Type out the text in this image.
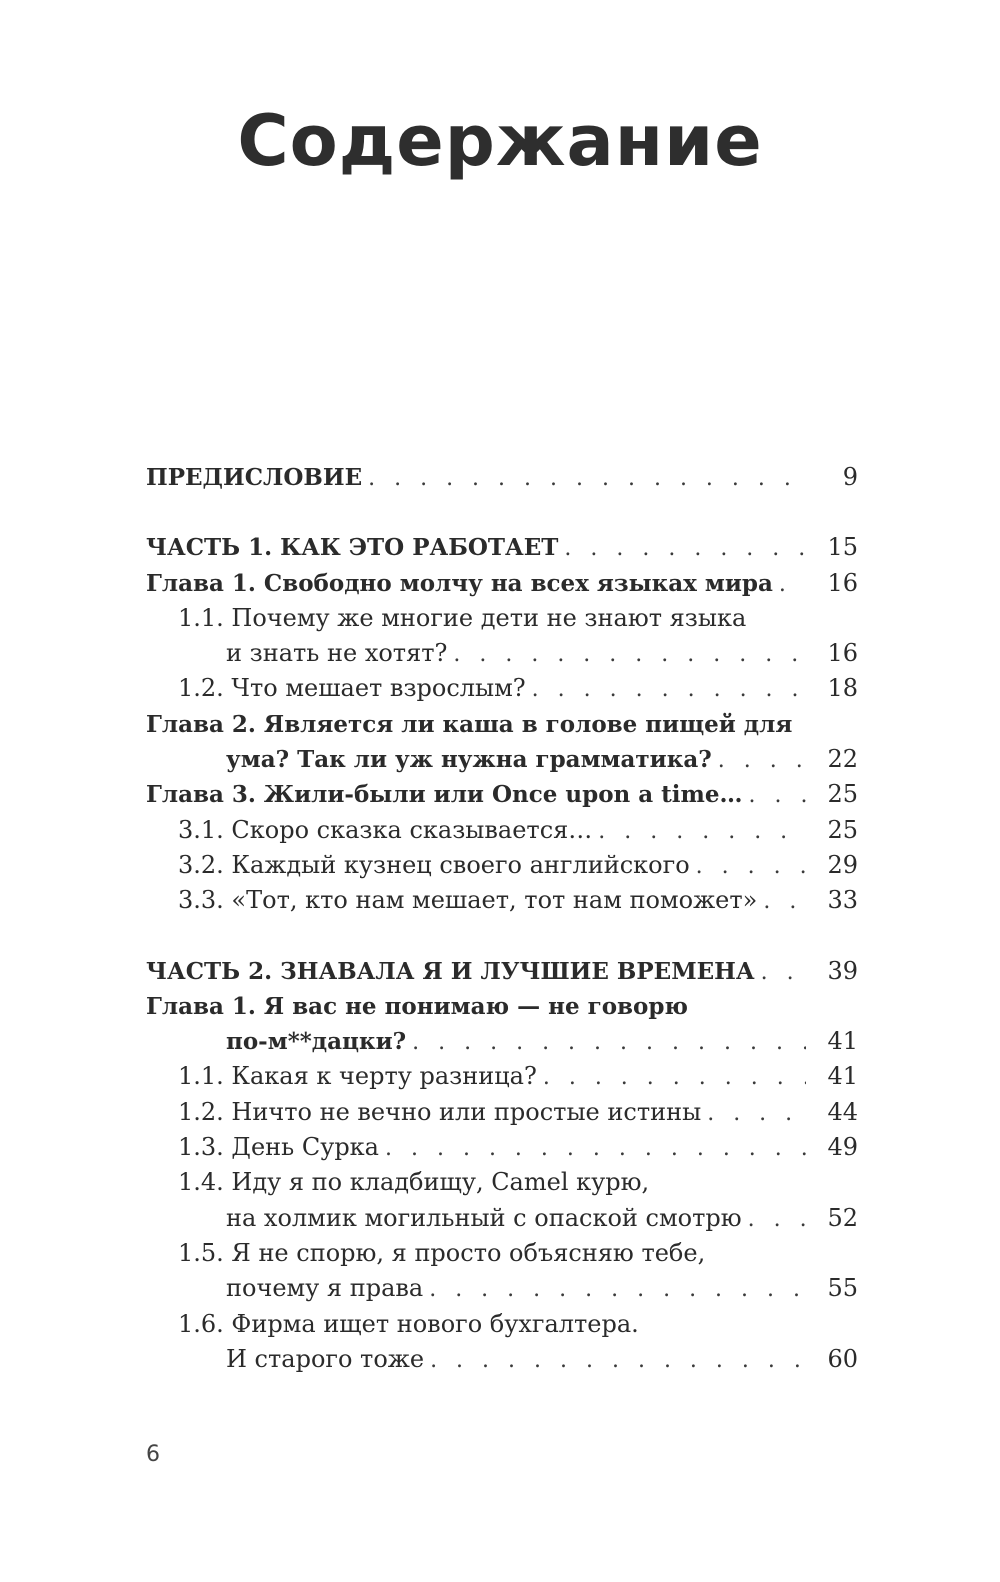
Содержание
ПРЕДИСЛОВИЕ . . .	9
ЧАСТЬ 1. КАК ЭТО РАБОТАЕТ . . .	15
Глава 1. Свободно молчу на всех языках мира . . .	16
1.1. Почему же многие дети не знают языка
и знать не хотят? . . .	16
1.2. Что мешает взрослым? . . .	18
Глава 2. Является ли каша в голове пищей для
ума? Так ли уж нужна грамматика? . . .	22
Глава 3. Жили-были или Once upon a time… . . .	25
3.1. Скоро сказка сказывается… . . .	25
3.2. Каждый кузнец своего английского . . .	29
3.3. «Тот, кто нам мешает, тот нам поможет» . . .	33
ЧАСТЬ 2. ЗНАВАЛА Я И ЛУЧШИЕ ВРЕМЕНА . . .	39
Глава 1. Я вас не понимаю — не говорю
по-м**дацки? . . .	41
1.1. Какая к черту разница? . . .	41
1.2. Ничто не вечно или простые истины . . .	44
1.3. День Сурка . . .	49
1.4. Иду я по кладбищу, Camel курю,
на холмик могильный с опаской смотрю . . .	52
1.5. Я не спорю, я просто объясняю тебе,
почему я права . . .	55
1.6. Фирма ищет нового бухгалтера.
И старого тоже . . .	60
6
